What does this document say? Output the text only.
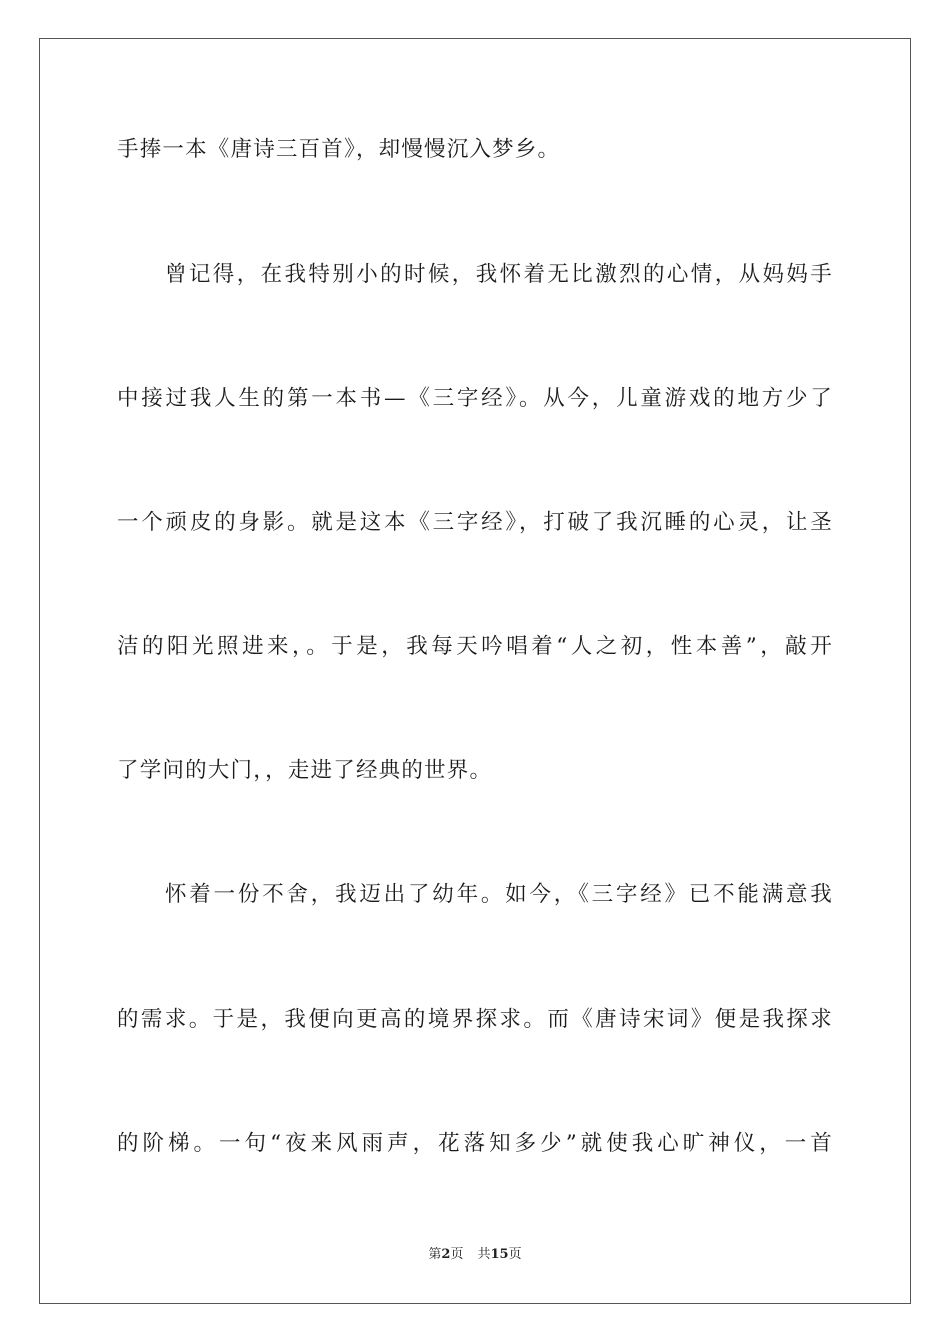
手捧一本《唐诗三百首》，却慢慢沉入梦乡。
曾记得，在我特别小的时候，我怀着无比激烈的心情，从妈妈手
中接过我人生的第一本书—《三字经》。从今，儿童游戏的地方少了
一个顽皮的身影。就是这本《三字经》，打破了我沉睡的心灵，让圣
洁的阳光照进来，。于是，我每天吟唱着“人之初，性本善”，敲开
了学问的大门，，走进了经典的世界。
怀着一份不舍，我迈出了幼年。如今，《三字经》已不能满意我
的需求。于是，我便向更高的境界探求。而《唐诗宋词》便是我探求
的阶梯。一句“夜来风雨声，花落知多少”就使我心旷神仪，一首
第2页 共15页
